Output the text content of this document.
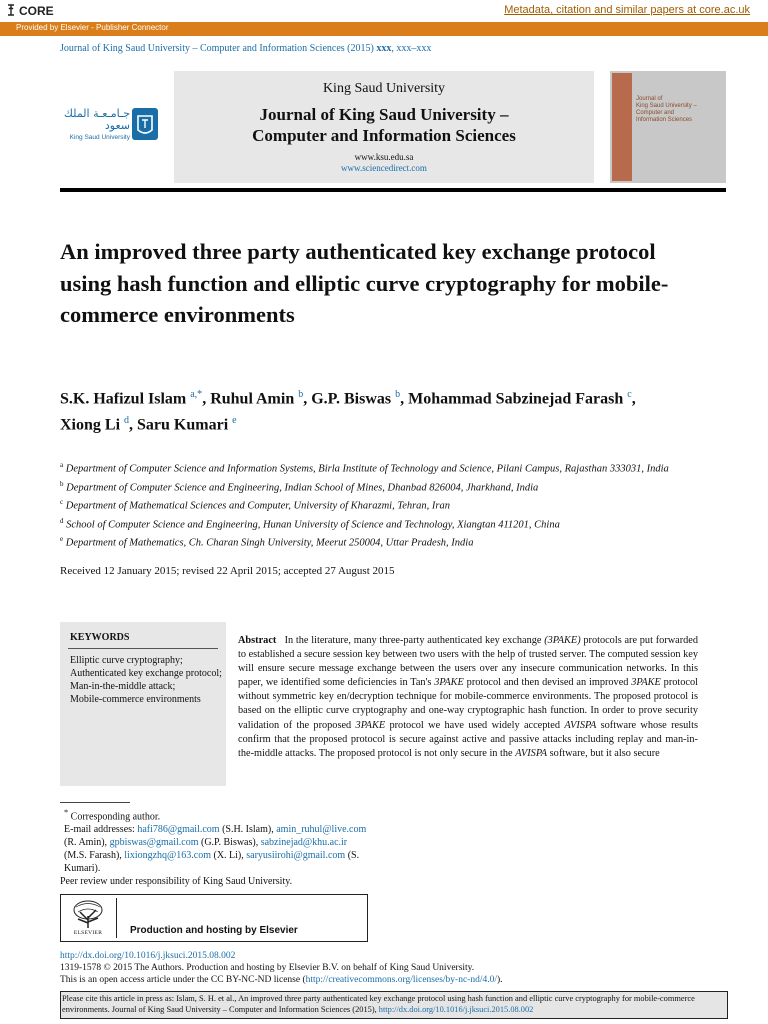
CORE	Metadata, citation and similar papers at core.ac.uk
Provided by Elsevier - Publisher Connector
Journal of King Saud University – Computer and Information Sciences (2015) xxx, xxx–xxx
جـامـعـة الملك سعود
King Saud University
King Saud University
Journal of King Saud University –
Computer and Information Sciences
www.ksu.edu.sa
www.sciencedirect.com
Journal of
King Saud University –
Computer and
Information Sciences
An improved three party authenticated key exchange protocol using hash function and elliptic curve cryptography for mobile-commerce environments
S.K. Hafizul Islam $^{a,*}$, Ruhul Amin $^b$, G.P. Biswas $^b$, Mohammad Sabzinejad Farash $^c$,
Xiong Li $^d$, Saru Kumari $^e$
$^a$ Department of Computer Science and Information Systems, Birla Institute of Technology and Science, Pilani Campus, Rajasthan 333031, India
$^b$ Department of Computer Science and Engineering, Indian School of Mines, Dhanbad 826004, Jharkhand, India
$^c$ Department of Mathematical Sciences and Computer, University of Kharazmi, Tehran, Iran
$^d$ School of Computer Science and Engineering, Hunan University of Science and Technology, Xiangtan 411201, China
$^e$ Department of Mathematics, Ch. Charan Singh University, Meerut 250004, Uttar Pradesh, India
Received 12 January 2015; revised 22 April 2015; accepted 27 August 2015
KEYWORDS
Elliptic curve cryptography;
Authenticated key exchange protocol;
Man-in-the-middle attack;
Mobile-commerce environments
Abstract In the literature, many three-party authenticated key exchange (3PAKE) protocols are put forwarded to established a secure session key between two users with the help of trusted server. The computed session key will ensure secure message exchange between the users over any insecure communication networks. In this paper, we identified some deficiencies in Tan's 3PAKE protocol and then devised an improved 3PAKE protocol without symmetric key en/decryption technique for mobile-commerce environments. The proposed protocol is based on the elliptic curve cryptography and one-way cryptographic hash function. In order to prove security validation of the proposed 3PAKE protocol we have used widely accepted AVISPA software whose results confirm that the proposed protocol is secure against active and passive attacks including replay and man-in-the-middle attacks. The proposed protocol is not only secure in the AVISPA software, but it also secure
* Corresponding author.
E-mail addresses: hafi786@gmail.com (S.H. Islam), amin_ruhul@live.com (R. Amin), gpbiswas@gmail.com (G.P. Biswas), sabzinejad@khu.ac.ir (M.S. Farash), lixiongzhq@163.com (X. Li), saryusiirohi@gmail.com (S. Kumari).
Peer review under responsibility of King Saud University.
ELSEVIER	Production and hosting by Elsevier
http://dx.doi.org/10.1016/j.jksuci.2015.08.002
1319-1578 © 2015 The Authors. Production and hosting by Elsevier B.V. on behalf of King Saud University.
This is an open access article under the CC BY-NC-ND license (http://creativecommons.org/licenses/by-nc-nd/4.0/).
Please cite this article in press as: Islam, S. H. et al., An improved three party authenticated key exchange protocol using hash function and elliptic curve cryptography for mobile-commerce environments. Journal of King Saud University – Computer and Information Sciences (2015), http://dx.doi.org/10.1016/j.jksuci.2015.08.002
